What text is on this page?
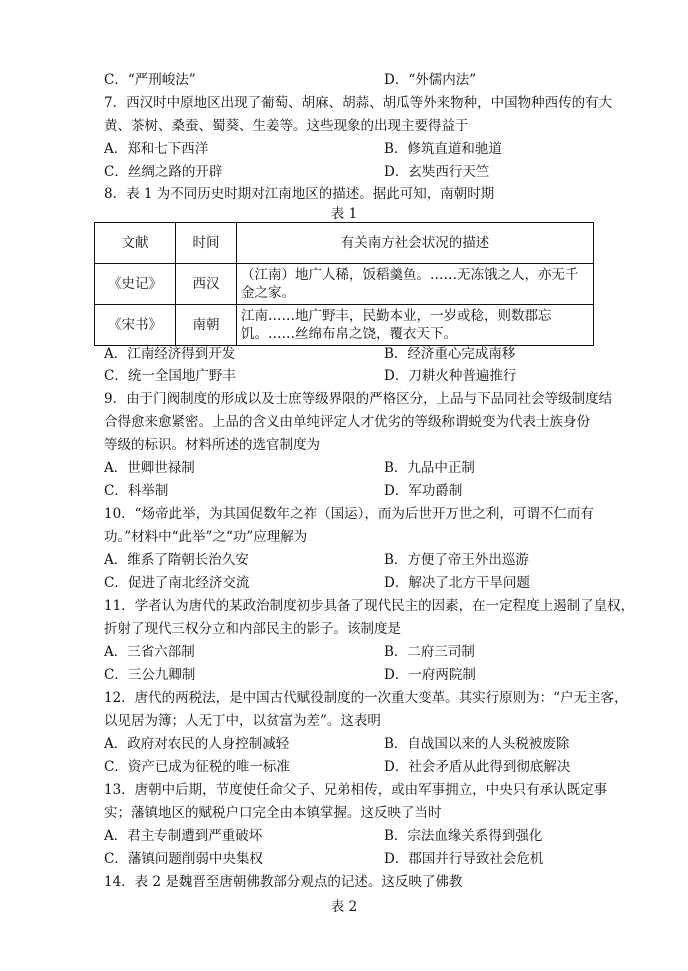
C．“严刑峻法”	D．“外儒内法”
7．西汉时中原地区出现了葡萄、胡麻、胡蒜、胡瓜等外来物种，中国物种西传的有大
黄、茶树、桑蚕、蜀葵、生姜等。这些现象的出现主要得益于
A．郑和七下西洋	B．修筑直道和驰道
C．丝绸之路的开辟	D．玄奘西行天竺
8．表 1 为不同历史时期对江南地区的描述。据此可知，南朝时期
表 1
文献	时间	有关南方社会状况的描述
《史记》	西汉	（江南）地广人稀，饭稻羹鱼。……无冻饿之人，亦无千金之家。
《宋书》	南朝	江南……地广野丰，民勤本业，一岁或稔，则数郡忘饥。……丝绵布帛之饶，覆衣天下。
A．江南经济得到开发	B．经济重心完成南移
C．统一全国地广野丰	D．刀耕火种普遍推行
9．由于门阀制度的形成以及士庶等级界限的严格区分，上品与下品同社会等级制度结
合得愈来愈紧密。上品的含义由单纯评定人才优劣的等级称谓蜕变为代表士族身份
等级的标识。材料所述的选官制度为
A．世卿世禄制	B．九品中正制
C．科举制	D．军功爵制
10．“炀帝此举，为其国促数年之祚（国运），而为后世开万世之利，可谓不仁而有
功。”材料中“此举”之“功”应理解为
A．维系了隋朝长治久安	B．方便了帝王外出巡游
C．促进了南北经济交流	D．解决了北方干旱问题
11．学者认为唐代的某政治制度初步具备了现代民主的因素，在一定程度上遏制了皇权，
折射了现代三权分立和内部民主的影子。该制度是
A．三省六部制	B．二府三司制
C．三公九卿制	D．一府两院制
12．唐代的两税法，是中国古代赋役制度的一次重大变革。其实行原则为：“户无主客，
以见居为簿；人无丁中，以贫富为差”。这表明
A．政府对农民的人身控制减轻	B．自战国以来的人头税被废除
C．资产已成为征税的唯一标准	D．社会矛盾从此得到彻底解决
13．唐朝中后期，节度使任命父子、兄弟相传，或由军事拥立，中央只有承认既定事
实；藩镇地区的赋税户口完全由本镇掌握。这反映了当时
A．君主专制遭到严重破坏	B．宗法血缘关系得到强化
C．藩镇问题削弱中央集权	D．郡国并行导致社会危机
14．表 2 是魏晋至唐朝佛教部分观点的记述。这反映了佛教
表 2
